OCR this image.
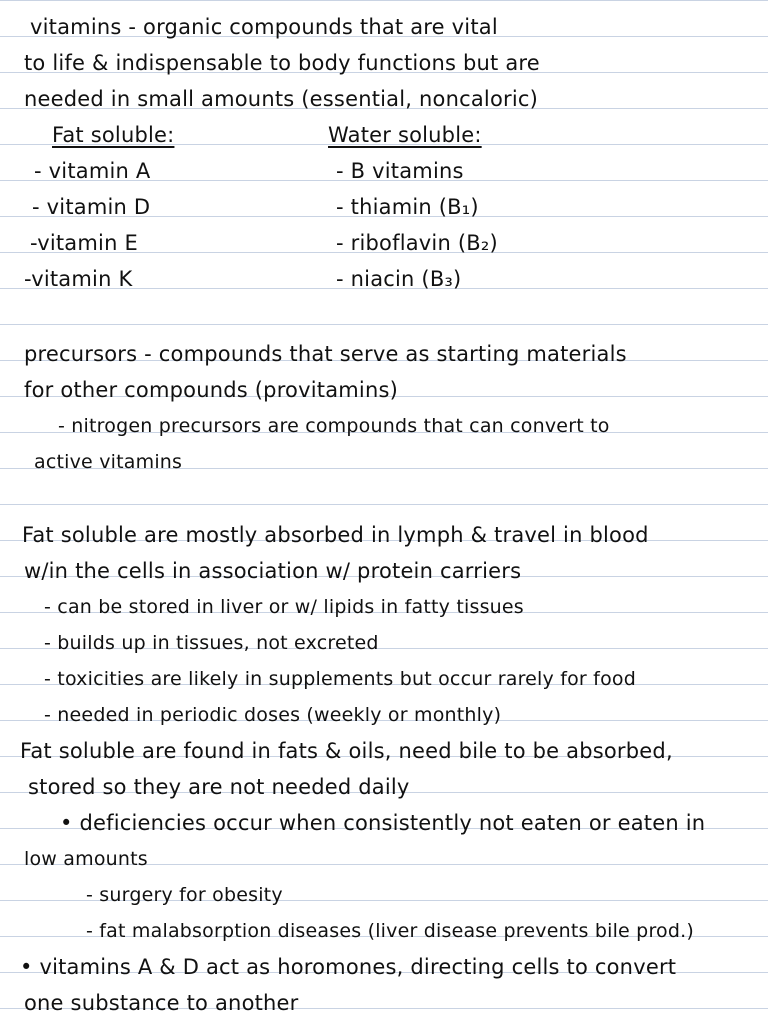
vitamins - organic compounds that are vital
to life & indispensable to body functions but are
needed in small amounts (essential, noncaloric)
Fat soluble:	Water soluble:
- vitamin A
- vitamin D
-vitamin E
-vitamin K
- B vitamins
- thiamin (B₁)
- riboflavin (B₂)
- niacin (B₃)
precursors - compounds that serve as starting materials
for other compounds (provitamins)
- nitrogen precursors are compounds that can convert to
active vitamins
Fat soluble are mostly absorbed in lymph & travel in blood
w/in the cells in association w/ protein carriers
- can be stored in liver or w/ lipids in fatty tissues
- builds up in tissues, not excreted
- toxicities are likely in supplements but occur rarely for food
- needed in periodic doses (weekly or monthly)
Fat soluble are found in fats & oils, need bile to be absorbed,
stored so they are not needed daily
• deficiencies occur when consistently not eaten or eaten in
low amounts
- surgery for obesity
- fat malabsorption diseases (liver disease prevents bile prod.)
• vitamins A & D act as horomones, directing cells to convert
one substance to another
